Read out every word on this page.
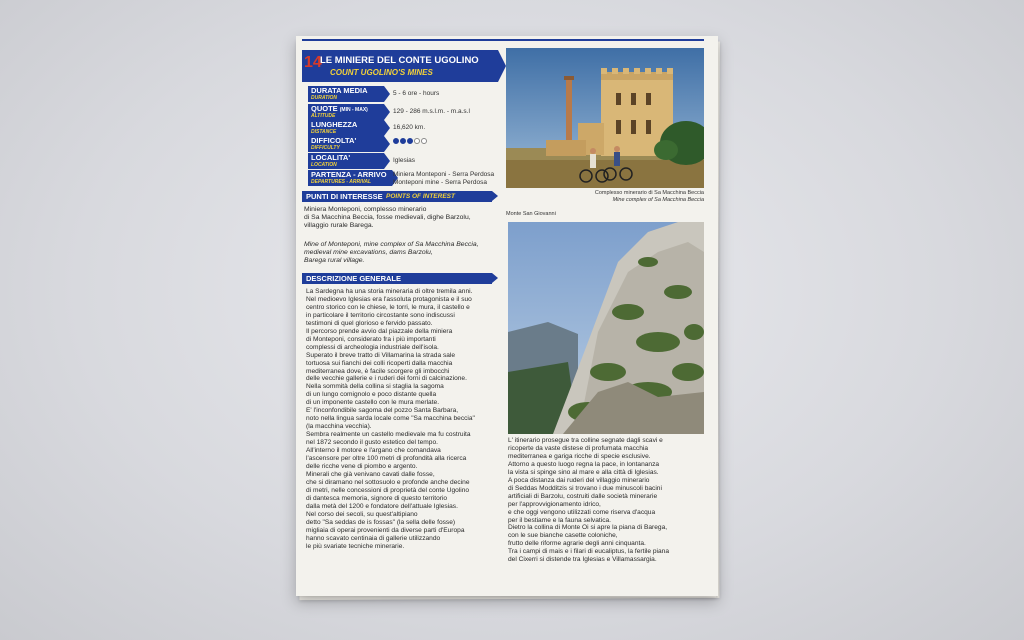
14
LE MINIERE DEL CONTE UGOLINO
COUNT UGOLINO'S MINES
DURATA MEDIA
DURATION
5 - 6 ore - hours
QUOTE (MIN - MAX)
ALTITUDE
129 - 286 m.s.l.m. - m.a.s.l
LUNGHEZZA
DISTANCE
16,620 km.
DIFFICOLTA'
DIFFICULTY
LOCALITA'
LOCATION
Iglesias
PARTENZA - ARRIVO
DEPARTURES - ARRIVAL
Miniera Monteponi - Serra Perdosa
Monteponi mine - Serra Perdosa
PUNTI DI INTERESSE POINTS OF INTEREST
Miniera Monteponi, complesso minerario
di Sa Macchina Beccia, fosse medievali, dighe Barzolu,
villaggio rurale Barega.
Mine of Monteponi, mine complex of Sa Macchina Beccia,
medieval mine excavations, dams Barzolu,
Barega rural village.
DESCRIZIONE GENERALE
La Sardegna ha una storia mineraria di oltre tremila anni.
Nel medioevo Iglesias era l'assoluta protagonista e il suo
centro storico con le chiese, le torri, le mura, il castello e
in particolare il territorio circostante sono indiscussi
testimoni di quel glorioso e fervido passato.
Il percorso prende avvio dal piazzale della miniera
di Monteponi, considerato fra i più importanti
complessi di archeologia industriale dell'isola.
Superato il breve tratto di Villamarina la strada sale
tortuosa sui fianchi dei colli ricoperti dalla macchia
mediterranea dove, è facile scorgere gli imbocchi
delle vecchie gallerie e i ruderi dei forni di calcinazione.
Nella sommità della collina si staglia la sagoma
di un lungo comignolo e poco distante quella
di un imponente castello con le mura merlate.
E' l'inconfondibile sagoma del pozzo Santa Barbara,
noto nella lingua sarda locale come "Sa macchina beccia"
(la macchina vecchia).
Sembra realmente un castello medievale ma fu costruita
nel 1872 secondo il gusto estetico del tempo.
All'interno il motore e l'argano che comandava
l'ascensore per oltre 100 metri di profondità alla ricerca
delle ricche vene di piombo e argento.
Minerali che già venivano cavati dalle fosse,
che si diramano nel sottosuolo e profonde anche decine
di metri, nelle concessioni di proprietà del conte Ugolino
di dantesca memoria, signore di questo territorio
dalla metà del 1200 e fondatore dell'attuale Iglesias.
Nel corso dei secoli, su quest'altipiano
detto "Sa seddas de is fossas" (la sella delle fosse)
migliaia di operai provenienti da diverse parti d'Europa
hanno scavato centinaia di gallerie utilizzando
le più svariate tecniche minerarie.
Complesso minerario di Sa Macchina Beccia
Mine complex of Sa Macchina Beccia
Monte San Giovanni
L' itinerario prosegue tra colline segnate dagli scavi e
ricoperte da vaste distese di profumata macchia
mediterranea e gariga ricche di specie esclusive.
Attorno a questo luogo regna la pace, in lontananza
la vista si spinge sino al mare e alla città di Iglesias.
A poca distanza dai ruderi del villaggio minerario
di Seddas Modditzis si trovano i due minuscoli bacini
artificiali di Barzolu, costruiti dalle società minerarie
per l'approvvigionamento idrico,
e che oggi vengono utilizzati come riserva d'acqua
per il bestiame e la fauna selvatica.
Dietro la collina di Monte Oi si apre la piana di Barega,
con le sue bianche casette coloniche,
frutto delle riforme agrarie degli anni cinquanta.
Tra i campi di mais e i filari di eucaliptus, la fertile piana
del Cixerri si distende tra Iglesias e Villamassargia.
